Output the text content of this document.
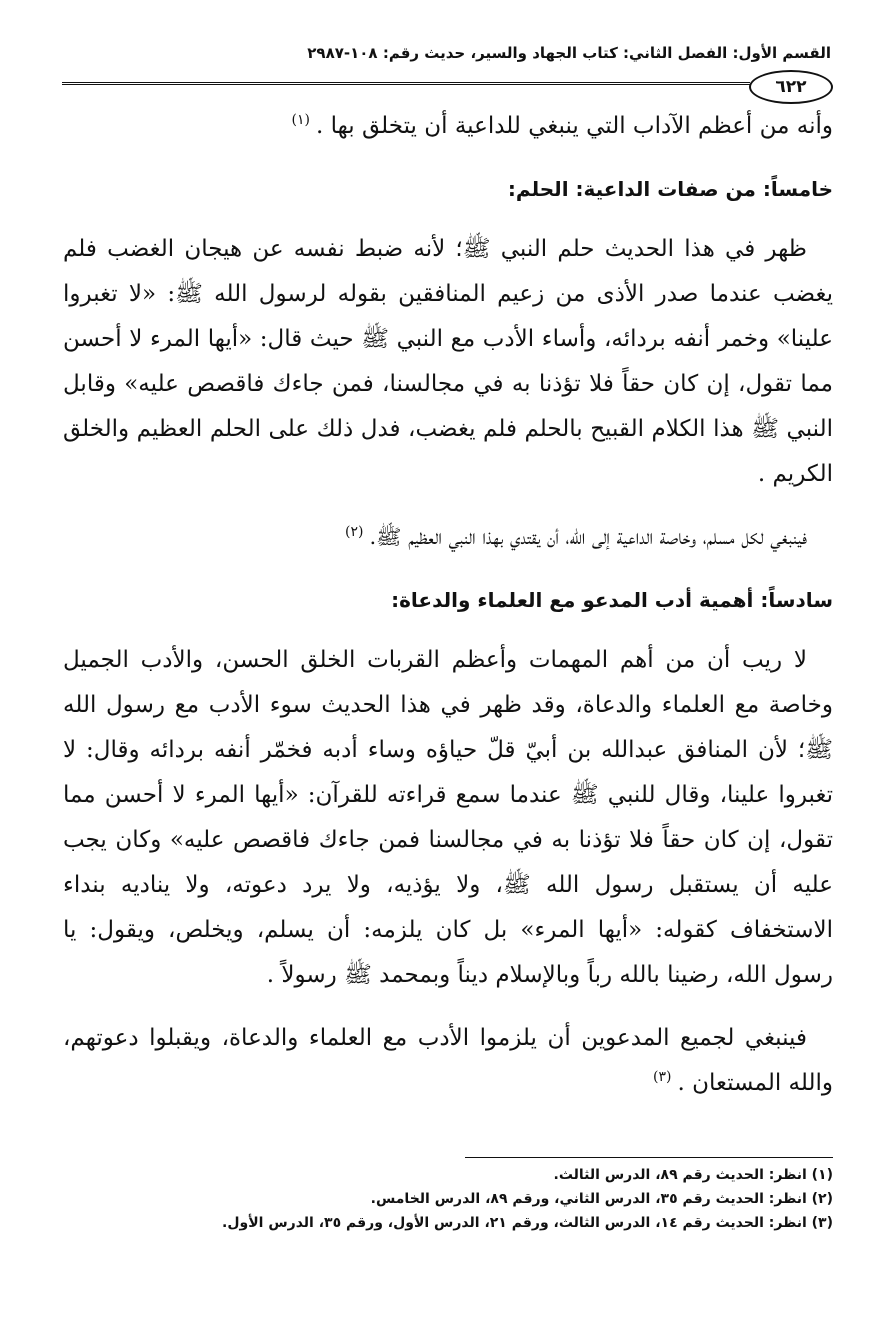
القسم الأول: الفصل الثاني: كتاب الجهاد والسير، حديث رقم: ١٠٨-٢٩٨٧
٦٢٢

وأنه من أعظم الآداب التي ينبغي للداعية أن يتخلق بها .$^{(١)}$

خامساً: من صفات الداعية: الحلم:

ظهر في هذا الحديث حلم النبي ﷺ؛ لأنه ضبط نفسه عن هيجان الغضب فلم يغضب عندما صدر الأذى من زعيم المنافقين بقوله لرسول الله ﷺ: «لا تغبروا علينا» وخمر أنفه بردائه، وأساء الأدب مع النبي ﷺ حيث قال: «أيها المرء لا أحسن مما تقول، إن كان حقاً فلا تؤذنا به في مجالسنا، فمن جاءك فاقصص عليه» وقابل النبي ﷺ هذا الكلام القبيح بالحلم فلم يغضب، فدل ذلك على الحلم العظيم والخلق الكريم .

فينبغي لكل مسلم، وخاصة الداعية إلى الله، أن يقتدي بهذا النبي العظيم ﷺ.$^{(٢)}$

سادساً: أهمية أدب المدعو مع العلماء والدعاة:

لا ريب أن من أهم المهمات وأعظم القربات الخلق الحسن، والأدب الجميل وخاصة مع العلماء والدعاة، وقد ظهر في هذا الحديث سوء الأدب مع رسول الله ﷺ؛ لأن المنافق عبدالله بن أبيّ قلّ حياؤه وساء أدبه فخمّر أنفه بردائه وقال: لا تغبروا علينا، وقال للنبي ﷺ عندما سمع قراءته للقرآن: «أيها المرء لا أحسن مما تقول، إن كان حقاً فلا تؤذنا به في مجالسنا فمن جاءك فاقصص عليه» وكان يجب عليه أن يستقبل رسول الله ﷺ، ولا يؤذيه، ولا يرد دعوته، ولا يناديه بنداء الاستخفاف كقوله: «أيها المرء» بل كان يلزمه: أن يسلم، ويخلص، ويقول: يا رسول الله، رضينا بالله رباً وبالإسلام ديناً وبمحمد ﷺ رسولاً .

فينبغي لجميع المدعوين أن يلزموا الأدب مع العلماء والدعاة، ويقبلوا دعوتهم، والله المستعان .$^{(٣)}$

(١) انظر: الحديث رقم ٨٩، الدرس الثالث.
(٢) انظر: الحديث رقم ٣٥، الدرس الثاني، ورقم ٨٩، الدرس الخامس.
(٣) انظر: الحديث رقم ١٤، الدرس الثالث، ورقم ٢١، الدرس الأول، ورقم ٣٥، الدرس الأول.
